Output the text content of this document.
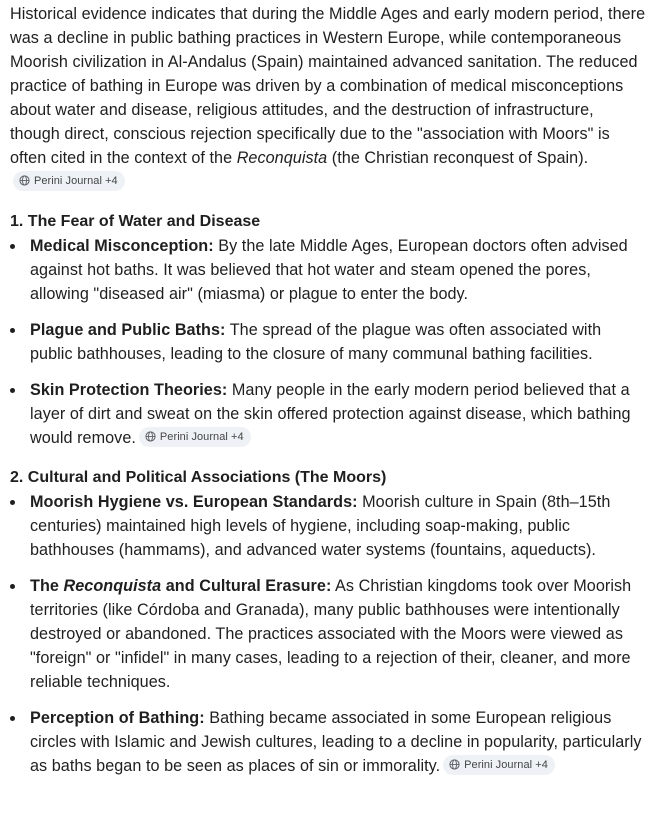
Historical evidence indicates that during the Middle Ages and early modern period, there was a decline in public bathing practices in Western Europe, while contemporaneous Moorish civilization in Al-Andalus (Spain) maintained advanced sanitation. The reduced practice of bathing in Europe was driven by a combination of medical misconceptions about water and disease, religious attitudes, and the destruction of infrastructure, though direct, conscious rejection specifically due to the "association with Moors" is often cited in the context of the Reconquista (the Christian reconquest of Spain).
Perini Journal +4

1. The Fear of Water and Disease
Medical Misconception: By the late Middle Ages, European doctors often advised against hot baths. It was believed that hot water and steam opened the pores, allowing "diseased air" (miasma) or plague to enter the body.
Plague and Public Baths: The spread of the plague was often associated with public bathhouses, leading to the closure of many communal bathing facilities.
Skin Protection Theories: Many people in the early modern period believed that a layer of dirt and sweat on the skin offered protection against disease, which bathing would remove. Perini Journal +4
2. Cultural and Political Associations (The Moors)
Moorish Hygiene vs. European Standards: Moorish culture in Spain (8th–15th centuries) maintained high levels of hygiene, including soap-making, public bathhouses (hammams), and advanced water systems (fountains, aqueducts).
The Reconquista and Cultural Erasure: As Christian kingdoms took over Moorish territories (like Córdoba and Granada), many public bathhouses were intentionally destroyed or abandoned. The practices associated with the Moors were viewed as "foreign" or "infidel" in many cases, leading to a rejection of their, cleaner, and more reliable techniques.
Perception of Bathing: Bathing became associated in some European religious circles with Islamic and Jewish cultures, leading to a decline in popularity, particularly as baths began to be seen as places of sin or immorality. Perini Journal +4
